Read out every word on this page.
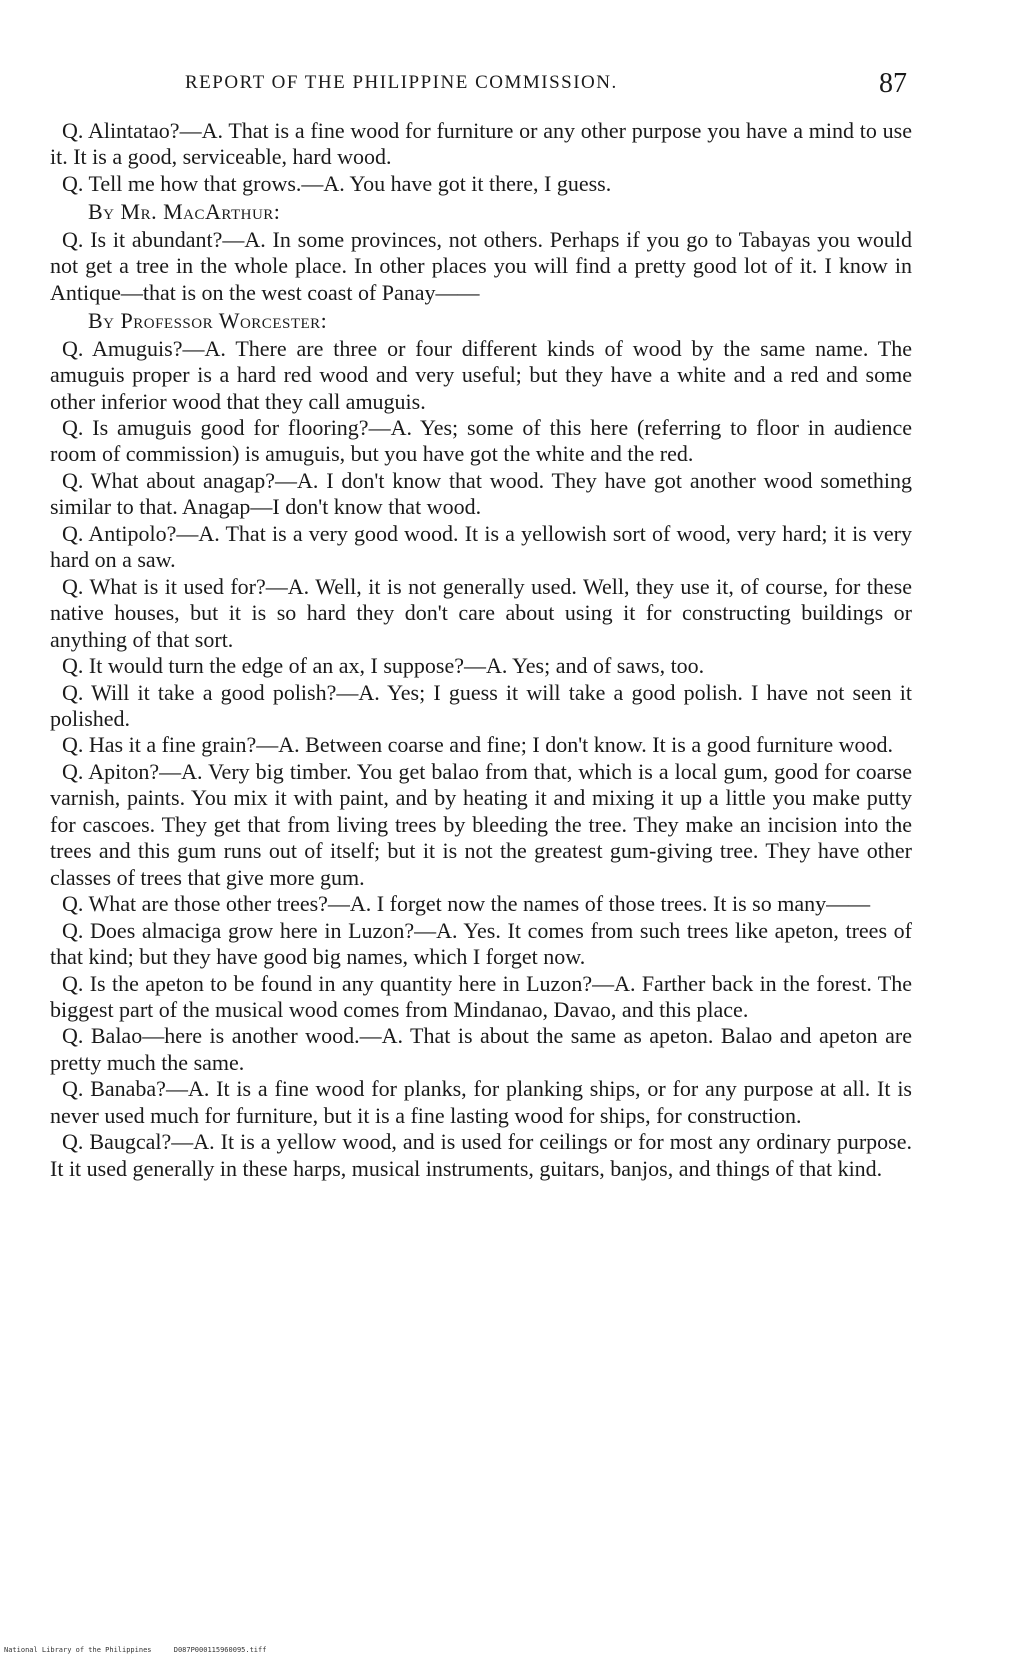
REPORT OF THE PHILIPPINE COMMISSION.	87

Q. Alintatao?—A. That is a fine wood for furniture or any other purpose you have a mind to use it. It is a good, serviceable, hard wood.

Q. Tell me how that grows.—A. You have got it there, I guess.

By Mr. MacArthur:

Q. Is it abundant?—A. In some provinces, not others. Perhaps if you go to Tabayas you would not get a tree in the whole place. In other places you will find a pretty good lot of it. I know in Antique—that is on the west coast of Panay——

By Professor Worcester:

Q. Amuguis?—A. There are three or four different kinds of wood by the same name. The amuguis proper is a hard red wood and very useful; but they have a white and a red and some other inferior wood that they call amuguis.

Q. Is amuguis good for flooring?—A. Yes; some of this here (referring to floor in audience room of commission) is amuguis, but you have got the white and the red.

Q. What about anagap?—A. I don't know that wood. They have got another wood something similar to that. Anagap—I don't know that wood.

Q. Antipolo?—A. That is a very good wood. It is a yellowish sort of wood, very hard; it is very hard on a saw.

Q. What is it used for?—A. Well, it is not generally used. Well, they use it, of course, for these native houses, but it is so hard they don't care about using it for constructing buildings or anything of that sort.

Q. It would turn the edge of an ax, I suppose?—A. Yes; and of saws, too.

Q. Will it take a good polish?—A. Yes; I guess it will take a good polish. I have not seen it polished.

Q. Has it a fine grain?—A. Between coarse and fine; I don't know. It is a good furniture wood.

Q. Apiton?—A. Very big timber. You get balao from that, which is a local gum, good for coarse varnish, paints. You mix it with paint, and by heating it and mixing it up a little you make putty for cascoes. They get that from living trees by bleeding the tree. They make an incision into the trees and this gum runs out of itself; but it is not the greatest gum-giving tree. They have other classes of trees that give more gum.

Q. What are those other trees?—A. I forget now the names of those trees. It is so many——

Q. Does almaciga grow here in Luzon?—A. Yes. It comes from such trees like apeton, trees of that kind; but they have good big names, which I forget now.

Q. Is the apeton to be found in any quantity here in Luzon?—A. Farther back in the forest. The biggest part of the musical wood comes from Mindanao, Davao, and this place.

Q. Balao—here is another wood.—A. That is about the same as apeton. Balao and apeton are pretty much the same.

Q. Banaba?—A. It is a fine wood for planks, for planking ships, or for any purpose at all. It is never used much for furniture, but it is a fine lasting wood for ships, for construction.

Q. Baugcal?—A. It is a yellow wood, and is used for ceilings or for most any ordinary purpose. It it used generally in these harps, musical instruments, guitars, banjos, and things of that kind.

National Library of the Philippines	D087P000115960095.tiff
